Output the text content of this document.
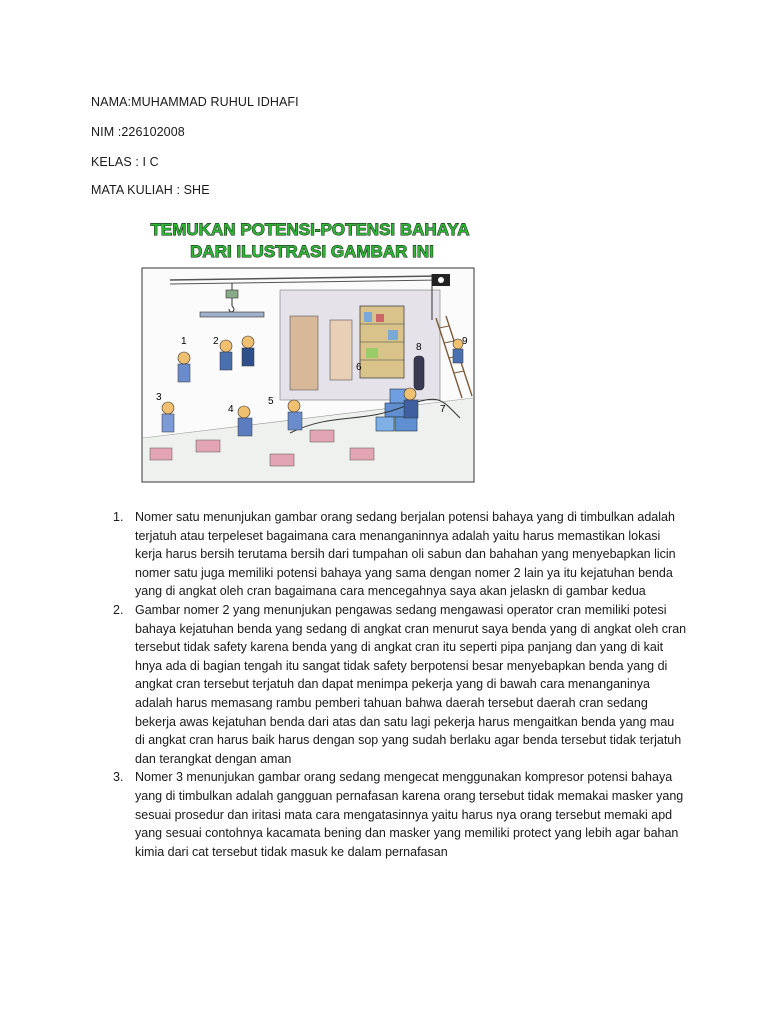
NAMA:MUHAMMAD RUHUL IDHAFI
NIM :226102008
KELAS : I C
MATA KULIAH : SHE
TEMUKAN POTENSI-POTENSI BAHAYA
DARI ILUSTRASI GAMBAR INI
1	2
3
4
5
6
7
8
9
1. Nomer satu menunjukan gambar orang sedang berjalan potensi bahaya yang di timbulkan adalah terjatuh atau terpeleset bagaimana cara menanganinnya adalah yaitu harus memastikan lokasi kerja harus bersih terutama bersih dari tumpahan oli sabun dan bahahan yang menyebapkan licin nomer satu juga memiliki potensi bahaya yang sama dengan nomer 2 lain ya itu kejatuhan benda yang di angkat oleh cran bagaimana cara mencegahnya saya akan jelaskn di gambar kedua
2. Gambar nomer 2 yang menunjukan pengawas sedang mengawasi operator cran memiliki potesi bahaya kejatuhan benda yang sedang di angkat cran menurut saya benda yang di angkat oleh cran tersebut tidak safety karena benda yang di angkat cran itu seperti pipa panjang dan yang di kait hnya ada di bagian tengah itu sangat tidak safety berpotensi besar menyebapkan benda yang di angkat cran tersebut terjatuh dan dapat menimpa pekerja yang di bawah cara menanganinya adalah harus memasang rambu pemberi tahuan bahwa daerah tersebut daerah cran sedang bekerja awas kejatuhan benda dari atas dan satu lagi pekerja harus mengaitkan benda yang mau di angkat cran harus baik harus dengan sop yang sudah berlaku agar benda tersebut tidak terjatuh dan terangkat dengan aman
3. Nomer 3 menunjukan gambar orang sedang mengecat menggunakan kompresor potensi bahaya yang di timbulkan adalah gangguan pernafasan karena orang tersebut tidak memakai masker yang sesuai prosedur dan iritasi mata cara mengatasinnya yaitu harus nya orang tersebut memaki apd yang sesuai contohnya kacamata bening dan masker yang memiliki protect yang lebih agar bahan kimia dari cat tersebut tidak masuk ke dalam pernafasan
